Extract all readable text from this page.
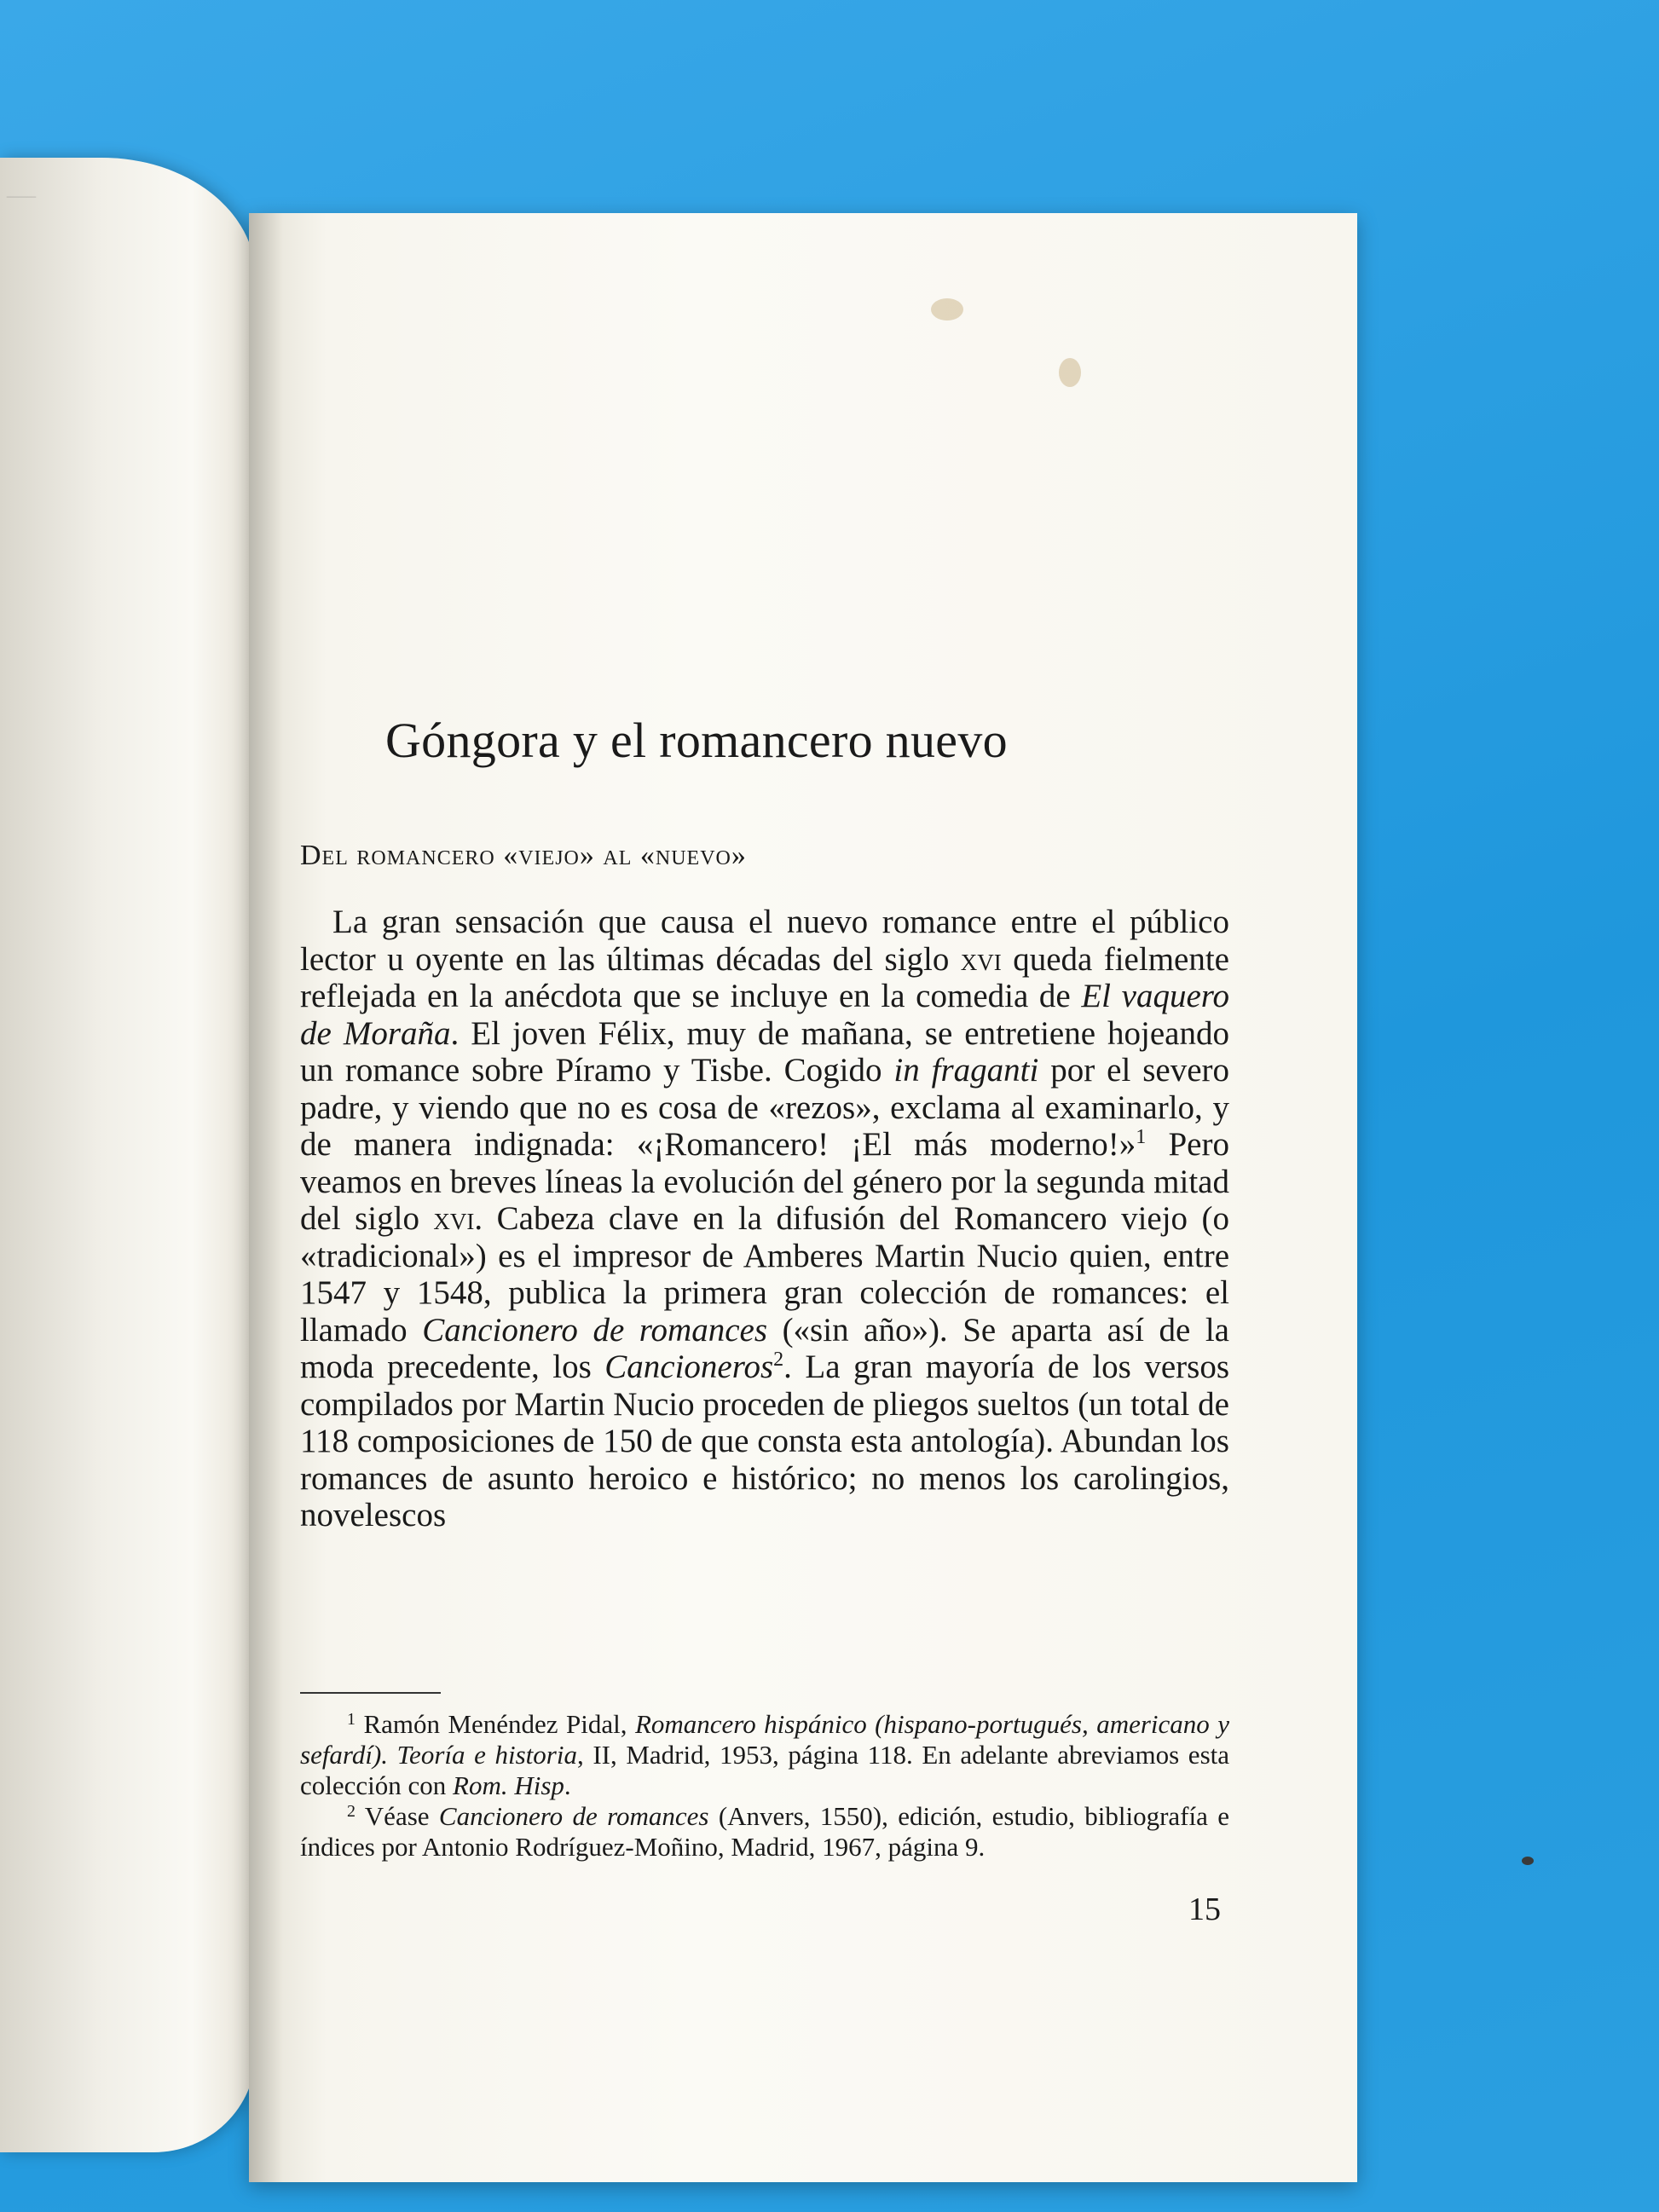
—

Góngora y el romancero nuevo
Del romancero «viejo» al «nuevo»

La gran sensación que causa el nuevo romance entre el público lector u oyente en las últimas décadas del siglo xvi queda fielmente reflejada en la anécdota que se incluye en la comedia de El vaquero de Moraña. El joven Félix, muy de mañana, se entretiene hojeando un romance sobre Píramo y Tisbe. Cogido in fraganti por el severo padre, y viendo que no es cosa de «rezos», exclama al examinarlo, y de manera indignada: «¡Romancero! ¡El más moderno!»$^1$ Pero veamos en breves líneas la evolución del género por la segunda mitad del siglo xvi. Cabeza clave en la difusión del Romancero viejo (o «tradicional») es el impresor de Amberes Martin Nucio quien, entre 1547 y 1548, publica la primera gran colección de romances: el llamado Cancionero de romances («sin año»). Se aparta así de la moda precedente, los Cancioneros$^2$. La gran mayoría de los versos compilados por Martin Nucio proceden de pliegos sueltos (un total de 118 composiciones de 150 de que consta esta antología). Abundan los romances de asunto heroico e histórico; no menos los carolingios, novelescos

$^1$ Ramón Menéndez Pidal, Romancero hispánico (hispano-portugués, americano y sefardí). Teoría e historia, II, Madrid, 1953, página 118. En adelante abreviamos esta colección con Rom. Hisp.

$^2$ Véase Cancionero de romances (Anvers, 1550), edición, estudio, bibliografía e índices por Antonio Rodríguez-Moñino, Madrid, 1967, página 9.

15
